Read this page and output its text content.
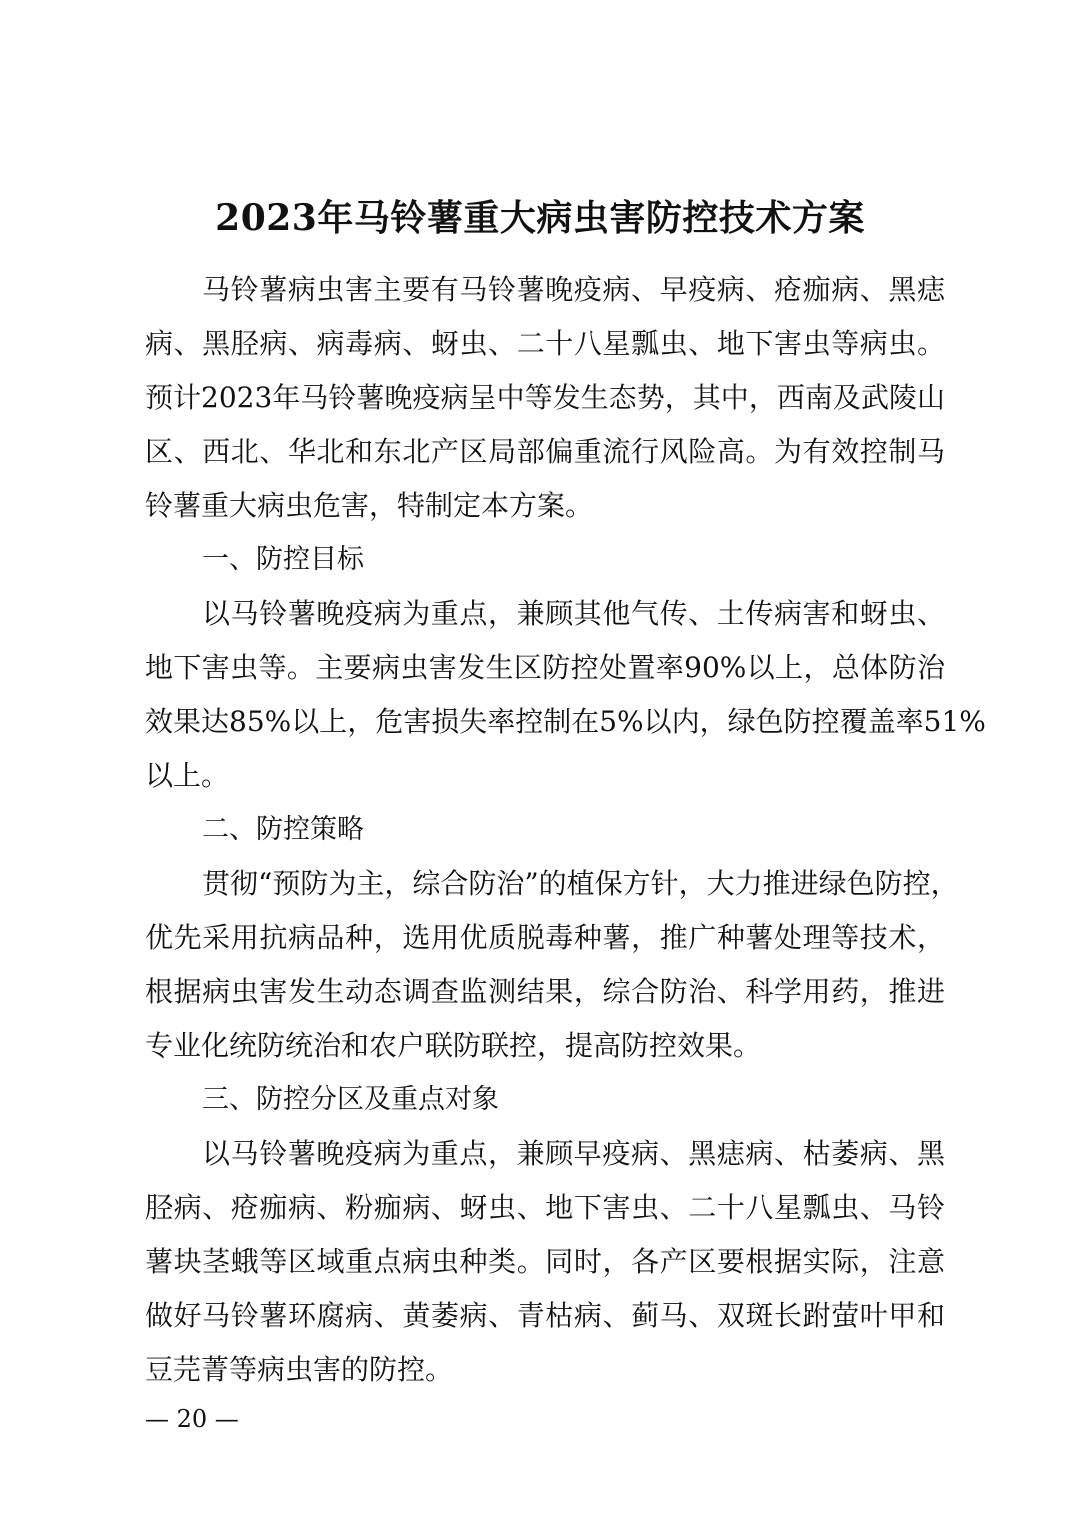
2023年马铃薯重大病虫害防控技术方案
马铃薯病虫害主要有马铃薯晚疫病、早疫病、疮痂病、黑痣
病、黑胫病、病毒病、蚜虫、二十八星瓢虫、地下害虫等病虫。
预计2023年马铃薯晚疫病呈中等发生态势，其中，西南及武陵山
区、西北、华北和东北产区局部偏重流行风险高。为有效控制马
铃薯重大病虫危害，特制定本方案。
一、防控目标
以马铃薯晚疫病为重点，兼顾其他气传、土传病害和蚜虫、
地下害虫等。主要病虫害发生区防控处置率90%以上，总体防治
效果达85%以上，危害损失率控制在5%以内，绿色防控覆盖率51%
以上。
二、防控策略
贯彻“预防为主，综合防治”的植保方针，大力推进绿色防控，
优先采用抗病品种，选用优质脱毒种薯，推广种薯处理等技术，
根据病虫害发生动态调查监测结果，综合防治、科学用药，推进
专业化统防统治和农户联防联控，提高防控效果。
三、防控分区及重点对象
以马铃薯晚疫病为重点，兼顾早疫病、黑痣病、枯萎病、黑
胫病、疮痂病、粉痂病、蚜虫、地下害虫、二十八星瓢虫、马铃
薯块茎蛾等区域重点病虫种类。同时，各产区要根据实际，注意
做好马铃薯环腐病、黄萎病、青枯病、蓟马、双斑长跗萤叶甲和
豆芫菁等病虫害的防控。
— 20 —
